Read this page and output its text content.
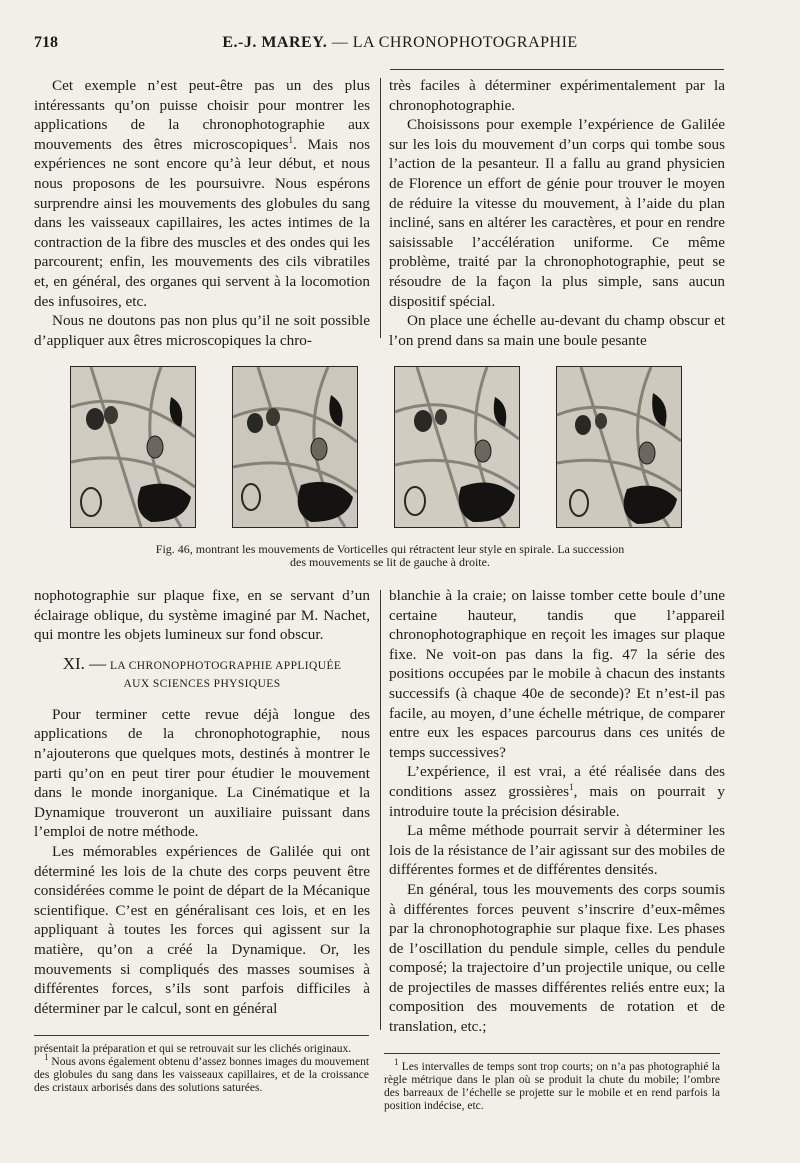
718	E.-J. MAREY. — LA CHRONOPHOTOGRAPHIE

Cet exemple n’est peut-être pas un des plus intéressants qu’on puisse choisir pour montrer les applications de la chronophotographie aux mouvements des êtres microscopiques$^1$. Mais nos expériences ne sont encore qu’à leur début, et nous nous proposons de les poursuivre. Nous espérons surprendre ainsi les mouvements des globules du sang dans les vaisseaux capillaires, les actes intimes de la contraction de la fibre des muscles et des ondes qui les parcourent; enfin, les mouvements des cils vibratiles et, en général, des organes qui servent à la locomotion des infusoires, etc.

Nous ne doutons pas non plus qu’il ne soit possible d’appliquer aux êtres microscopiques la chro-

très faciles à déterminer expérimentalement par la chronophotographie.

Choisissons pour exemple l’expérience de Galilée sur les lois du mouvement d’un corps qui tombe sous l’action de la pesanteur. Il a fallu au grand physicien de Florence un effort de génie pour trouver le moyen de réduire la vitesse du mouvement, à l’aide du plan incliné, sans en altérer les caractères, et pour en rendre saisissable l’accélération uniforme. Ce même problème, traité par la chronophotographie, peut se résoudre de la façon la plus simple, sans aucun dispositif spécial.

On place une échelle au-devant du champ obscur et l’on prend dans sa main une boule pesante

Fig. 46, montrant les mouvements de Vorticelles qui rétractent leur style en spirale. La succession
des mouvements se lit de gauche à droite.

nophotographie sur plaque fixe, en se servant d’un éclairage oblique, du système imaginé par M. Nachet, qui montre les objets lumineux sur fond obscur.

XI. — LA CHRONOPHOTOGRAPHIE APPLIQUÉE
AUX SCIENCES PHYSIQUES

Pour terminer cette revue déjà longue des applications de la chronophotographie, nous n’ajouterons que quelques mots, destinés à montrer le parti qu’on en peut tirer pour étudier le mouvement dans le monde inorganique. La Cinématique et la Dynamique trouveront un auxiliaire puissant dans l’emploi de notre méthode.

Les mémorables expériences de Galilée qui ont déterminé les lois de la chute des corps peuvent être considérées comme le point de départ de la Mécanique scientifique. C’est en généralisant ces lois, et en les appliquant à toutes les forces qui agissent sur la matière, qu’on a créé la Dynamique. Or, les mouvements si compliqués des masses soumises à différentes forces, s’ils sont parfois difficiles à déterminer par le calcul, sont en général

blanchie à la craie; on laisse tomber cette boule d’une certaine hauteur, tandis que l’appareil chronophotographique en reçoit les images sur plaque fixe. Ne voit-on pas dans la fig. 47 la série des positions occupées par le mobile à chacun des instants successifs (à chaque 40e de seconde)? Et n’est-il pas facile, au moyen, d’une échelle métrique, de comparer entre eux les espaces parcourus dans ces unités de temps successives?

L’expérience, il est vrai, a été réalisée dans des conditions assez grossières$^1$, mais on pourrait y introduire toute la précision désirable.

La même méthode pourrait servir à déterminer les lois de la résistance de l’air agissant sur des mobiles de différentes formes et de différentes densités.

En général, tous les mouvements des corps soumis à différentes forces peuvent s’inscrire d’eux-mêmes par la chronophotographie sur plaque fixe. Les phases de l’oscillation du pendule simple, celles du pendule composé; la trajectoire d’un projectile unique, ou celle de projectiles de masses différentes reliés entre eux; la composition des mouvements de rotation et de translation, etc.;

présentait la préparation et qui se retrouvait sur les clichés originaux.

$^1$ Nous avons également obtenu d’assez bonnes images du mouvement des globules du sang dans les vaisseaux capillaires, et de la croissance des cristaux arborisés dans des solutions saturées.

$^1$ Les intervalles de temps sont trop courts; on n’a pas photographié la règle métrique dans le plan où se produit la chute du mobile; l’ombre des barreaux de l’échelle se projette sur le mobile et en rend parfois la position indécise, etc.
